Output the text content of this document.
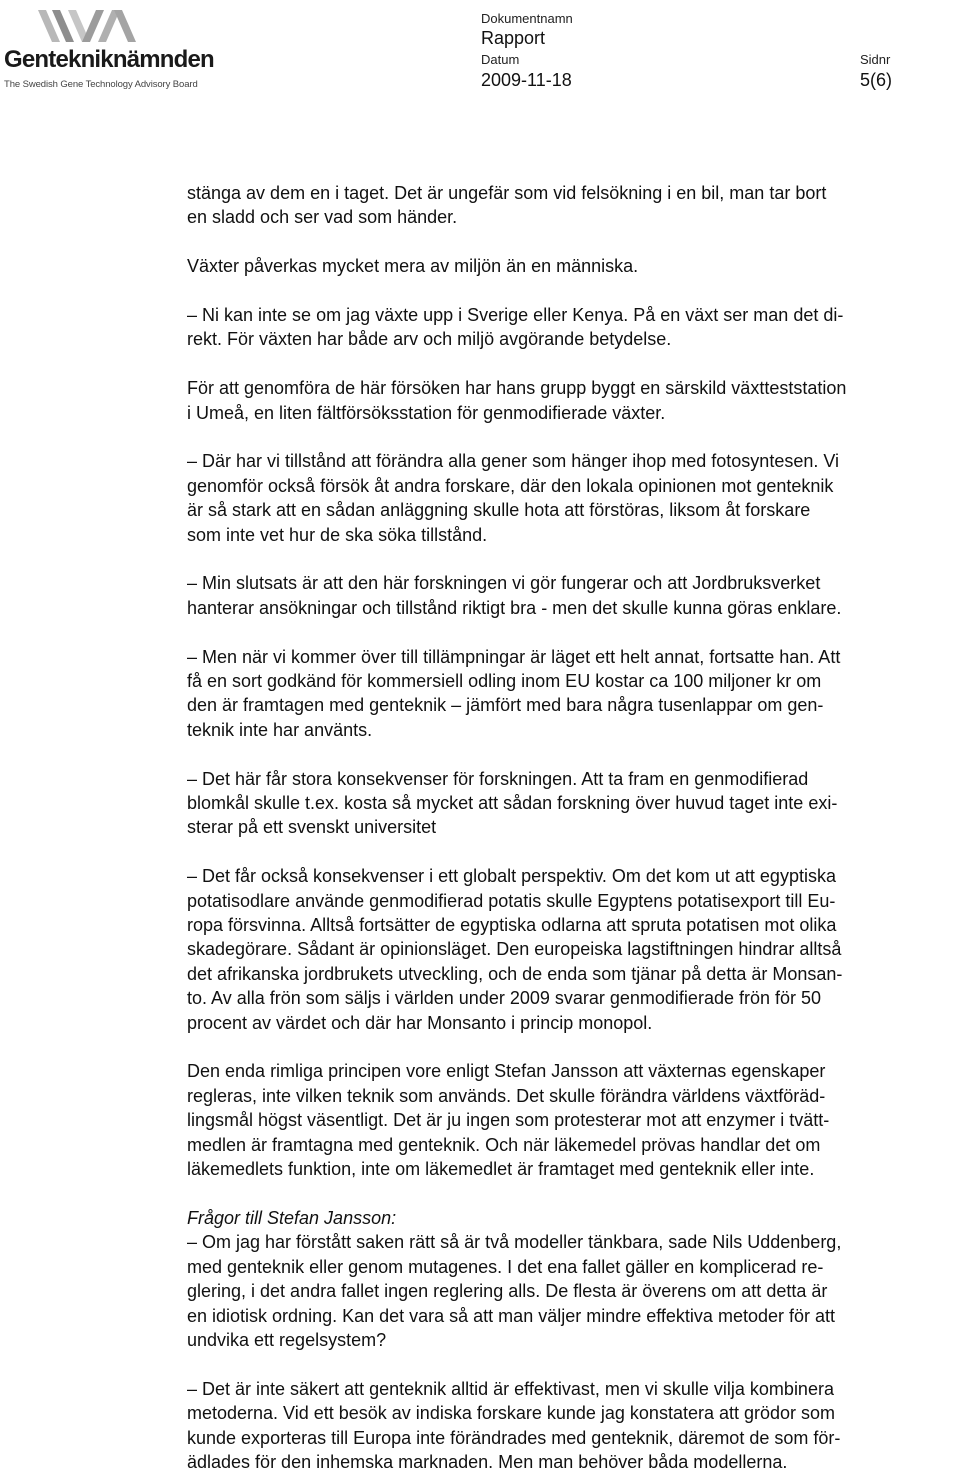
Gentekniknämnden
The Swedish Gene Technology Advisory Board
Dokumentnamn
Rapport
Datum
2009-11-18
Sidnr
5(6)

stänga av dem en i taget. Det är ungefär som vid felsökning i en bil, man tar bort
en sladd och ser vad som händer.

Växter påverkas mycket mera av miljön än en människa.

– Ni kan inte se om jag växte upp i Sverige eller Kenya. På en växt ser man det di-
rekt. För växten har både arv och miljö avgörande betydelse.

För att genomföra de här försöken har hans grupp byggt en särskild växtteststation
i Umeå, en liten fältförsöksstation för genmodifierade växter.

– Där har vi tillstånd att förändra alla gener som hänger ihop med fotosyntesen. Vi
genomför också försök åt andra forskare, där den lokala opinionen mot genteknik
är så stark att en sådan anläggning skulle hota att förstöras, liksom åt forskare
som inte vet hur de ska söka tillstånd.

– Min slutsats är att den här forskningen vi gör fungerar och att Jordbruksverket
hanterar ansökningar och tillstånd riktigt bra - men det skulle kunna göras enklare.

– Men när vi kommer över till tillämpningar är läget ett helt annat, fortsatte han. Att
få en sort godkänd för kommersiell odling inom EU kostar ca 100 miljoner kr om
den är framtagen med genteknik – jämfört med bara några tusenlappar om gen-
teknik inte har använts.

– Det här får stora konsekvenser för forskningen. Att ta fram en genmodifierad
blomkål skulle t.ex. kosta så mycket att sådan forskning över huvud taget inte exi-
sterar på ett svenskt universitet

– Det får också konsekvenser i ett globalt perspektiv. Om det kom ut att egyptiska
potatisodlare använde genmodifierad potatis skulle Egyptens potatisexport till Eu-
ropa försvinna. Alltså fortsätter de egyptiska odlarna att spruta potatisen mot olika
skadegörare. Sådant är opinionsläget. Den europeiska lagstiftningen hindrar alltså
det afrikanska jordbrukets utveckling, och de enda som tjänar på detta är Monsan-
to. Av alla frön som säljs i världen under 2009 svarar genmodifierade frön för 50
procent av värdet och där har Monsanto i princip monopol.

Den enda rimliga principen vore enligt Stefan Jansson att växternas egenskaper
regleras, inte vilken teknik som används. Det skulle förändra världens växtföräd-
lingsmål högst väsentligt. Det är ju ingen som protesterar mot att enzymer i tvätt-
medlen är framtagna med genteknik. Och när läkemedel prövas handlar det om
läkemedlets funktion, inte om läkemedlet är framtaget med genteknik eller inte.

Frågor till Stefan Jansson:

– Om jag har förstått saken rätt så är två modeller tänkbara, sade Nils Uddenberg,
med genteknik eller genom mutagenes. I det ena fallet gäller en komplicerad re-
glering, i det andra fallet ingen reglering alls. De flesta är överens om att detta är
en idiotisk ordning. Kan det vara så att man väljer mindre effektiva metoder för att
undvika ett regelsystem?

– Det är inte säkert att genteknik alltid är effektivast, men vi skulle vilja kombinera
metoderna. Vid ett besök av indiska forskare kunde jag konstatera att grödor som
kunde exporteras till Europa inte förändrades med genteknik, däremot de som för-
ädlades för den inhemska marknaden. Men man behöver båda modellerna.
